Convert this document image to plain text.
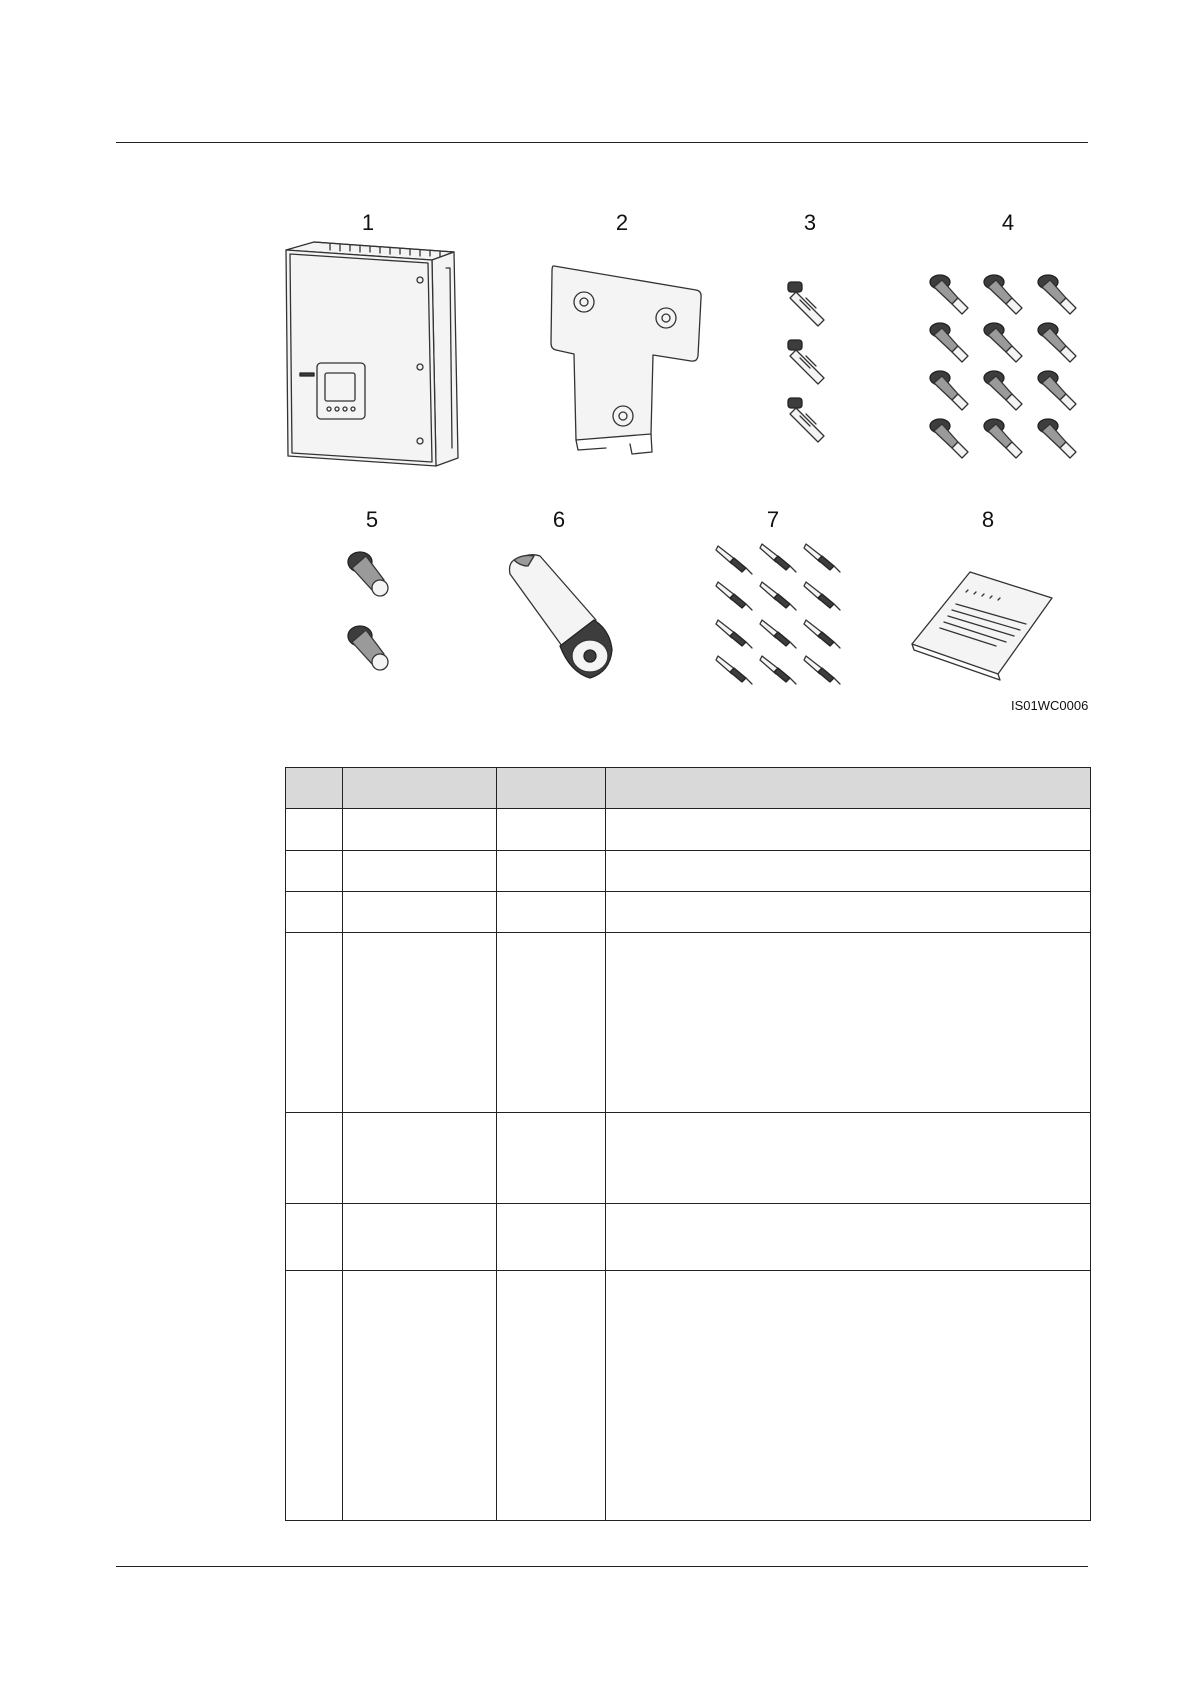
1	2	3	4
5	6	7	8
IS01WC0006
